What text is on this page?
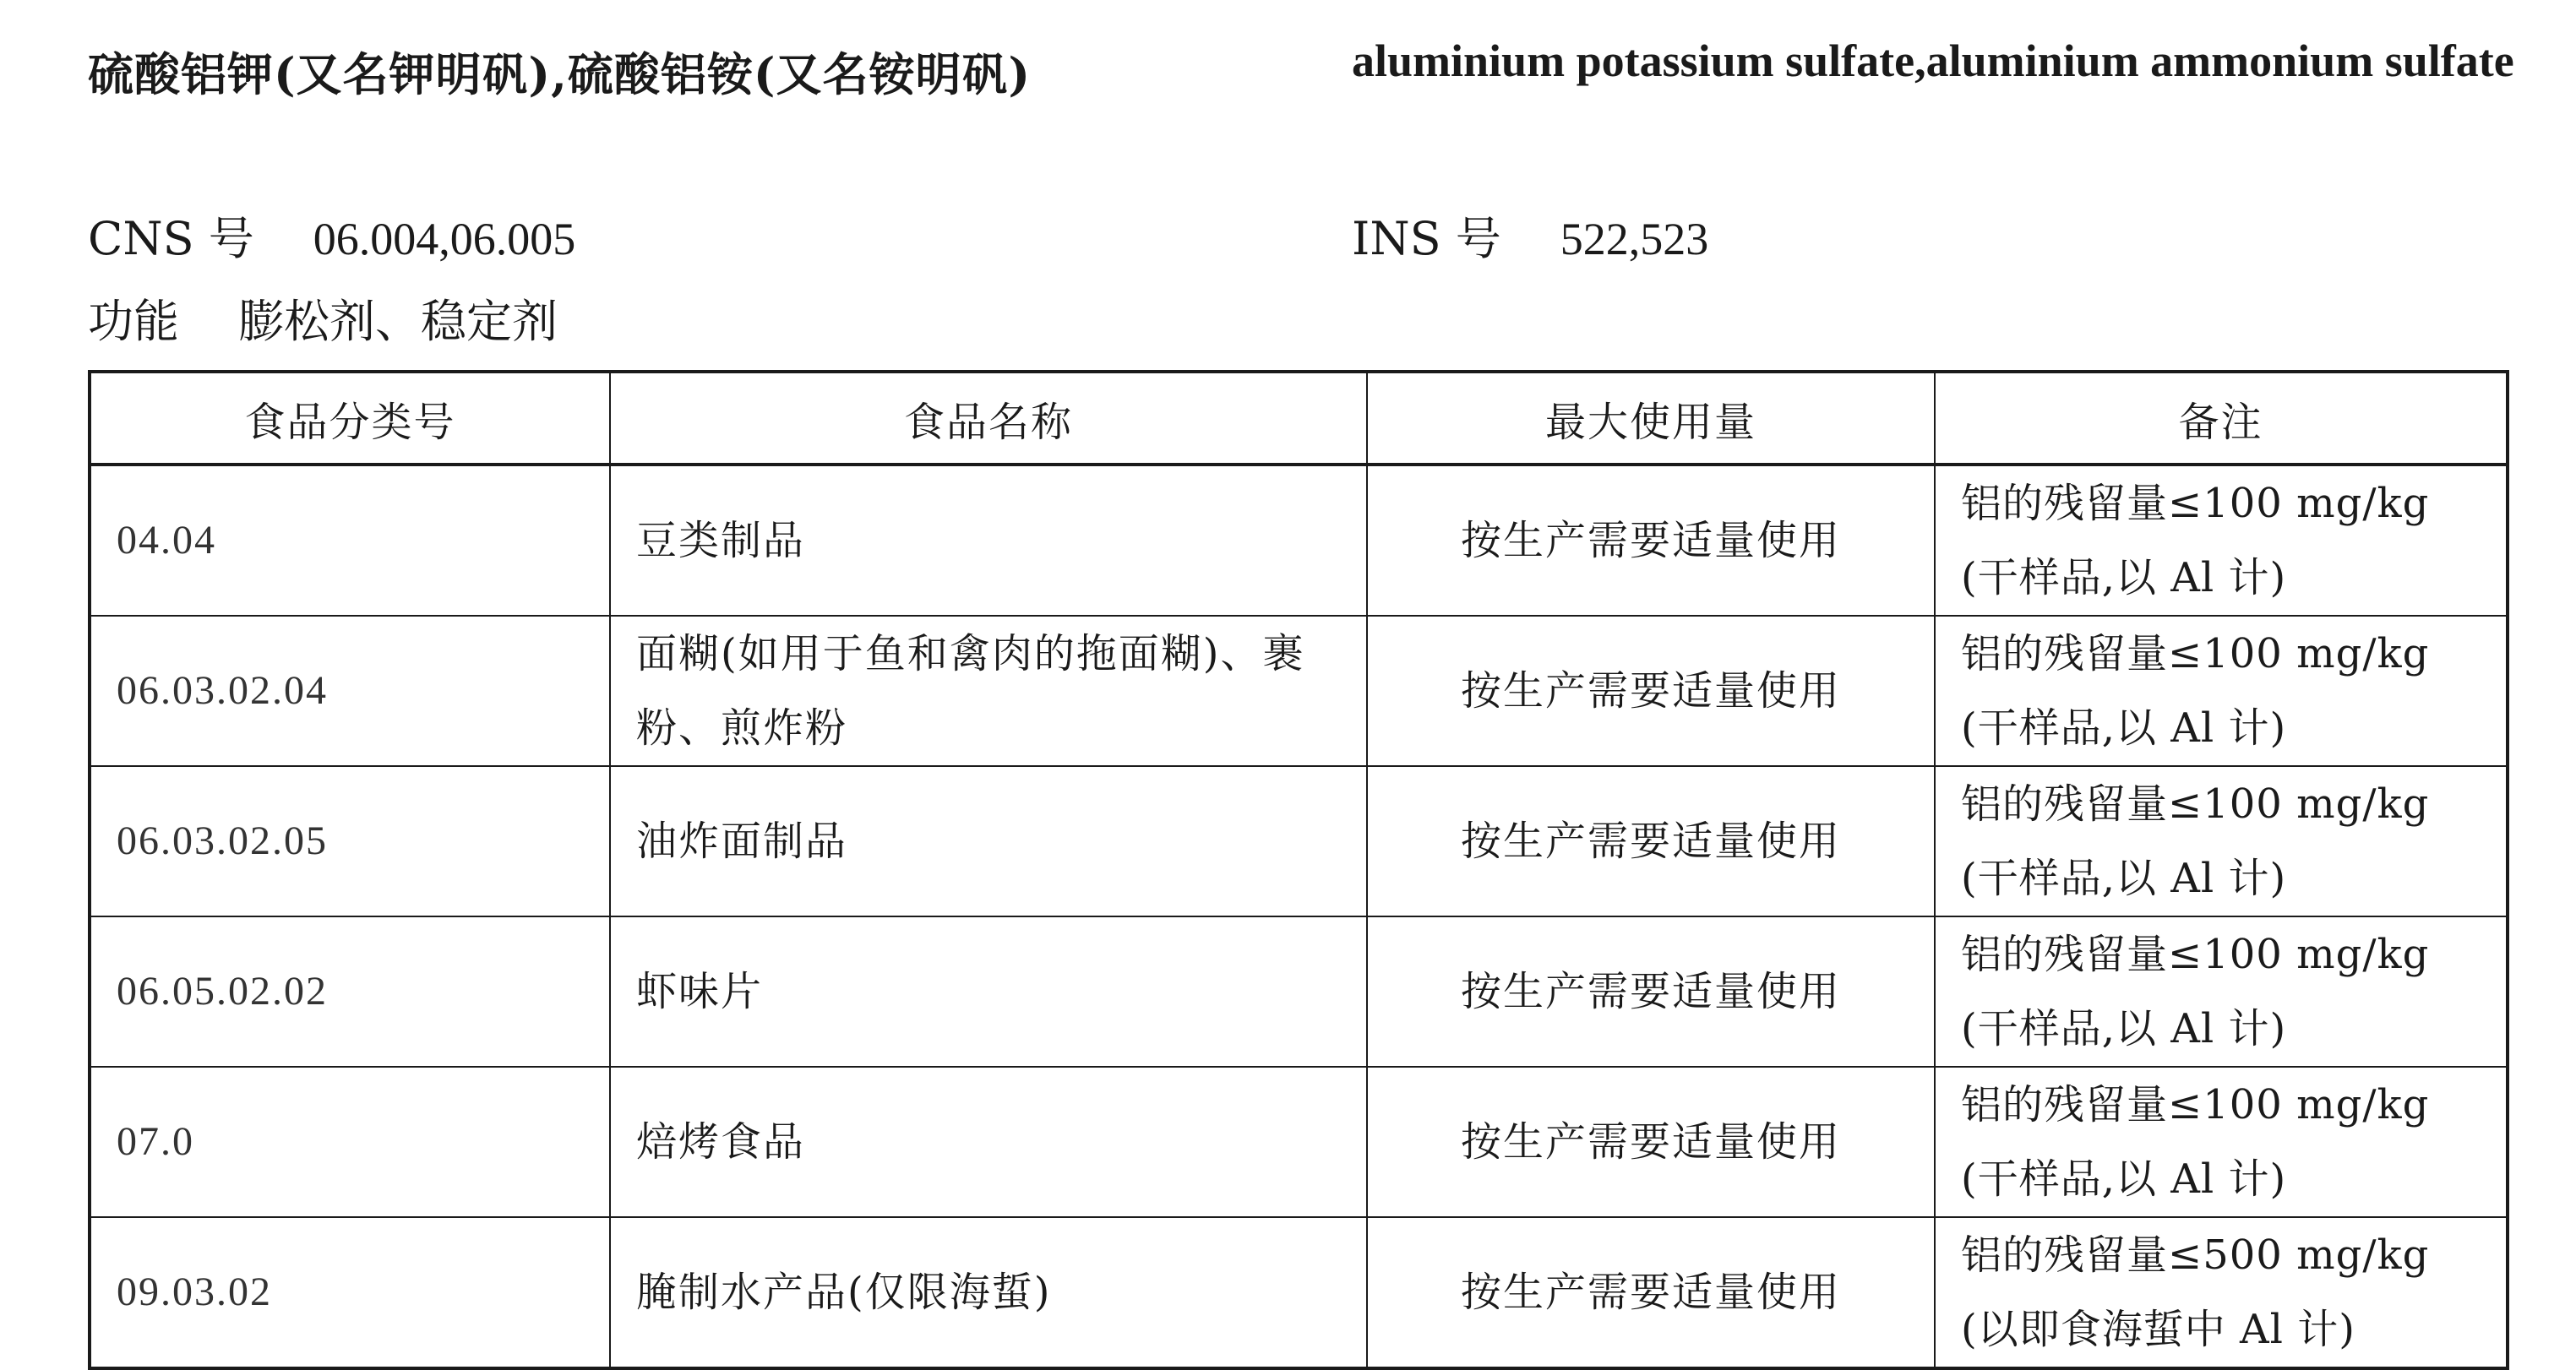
硫酸铝钾(又名钾明矾),硫酸铝铵(又名铵明矾)	aluminium potassium sulfate,aluminium ammonium sulfate
CNS 号 06.004,06.005	INS 号 522,523
功能 膨松剂、稳定剂
食品分类号	食品名称	最大使用量	备注
04.04	豆类制品	按生产需要适量使用	铝的残留量≤100 mg/kg
(干样品,以 Al 计)

06.03.02.04	面糊(如用于鱼和禽肉的拖面糊)、裹粉、煎炸粉	按生产需要适量使用	铝的残留量≤100 mg/kg
(干样品,以 Al 计)

06.03.02.05	油炸面制品	按生产需要适量使用	铝的残留量≤100 mg/kg
(干样品,以 Al 计)

06.05.02.02	虾味片	按生产需要适量使用	铝的残留量≤100 mg/kg
(干样品,以 Al 计)

07.0	焙烤食品	按生产需要适量使用	铝的残留量≤100 mg/kg
(干样品,以 Al 计)

09.03.02	腌制水产品(仅限海蜇)	按生产需要适量使用	铝的残留量≤500 mg/kg
(以即食海蜇中 Al 计)
